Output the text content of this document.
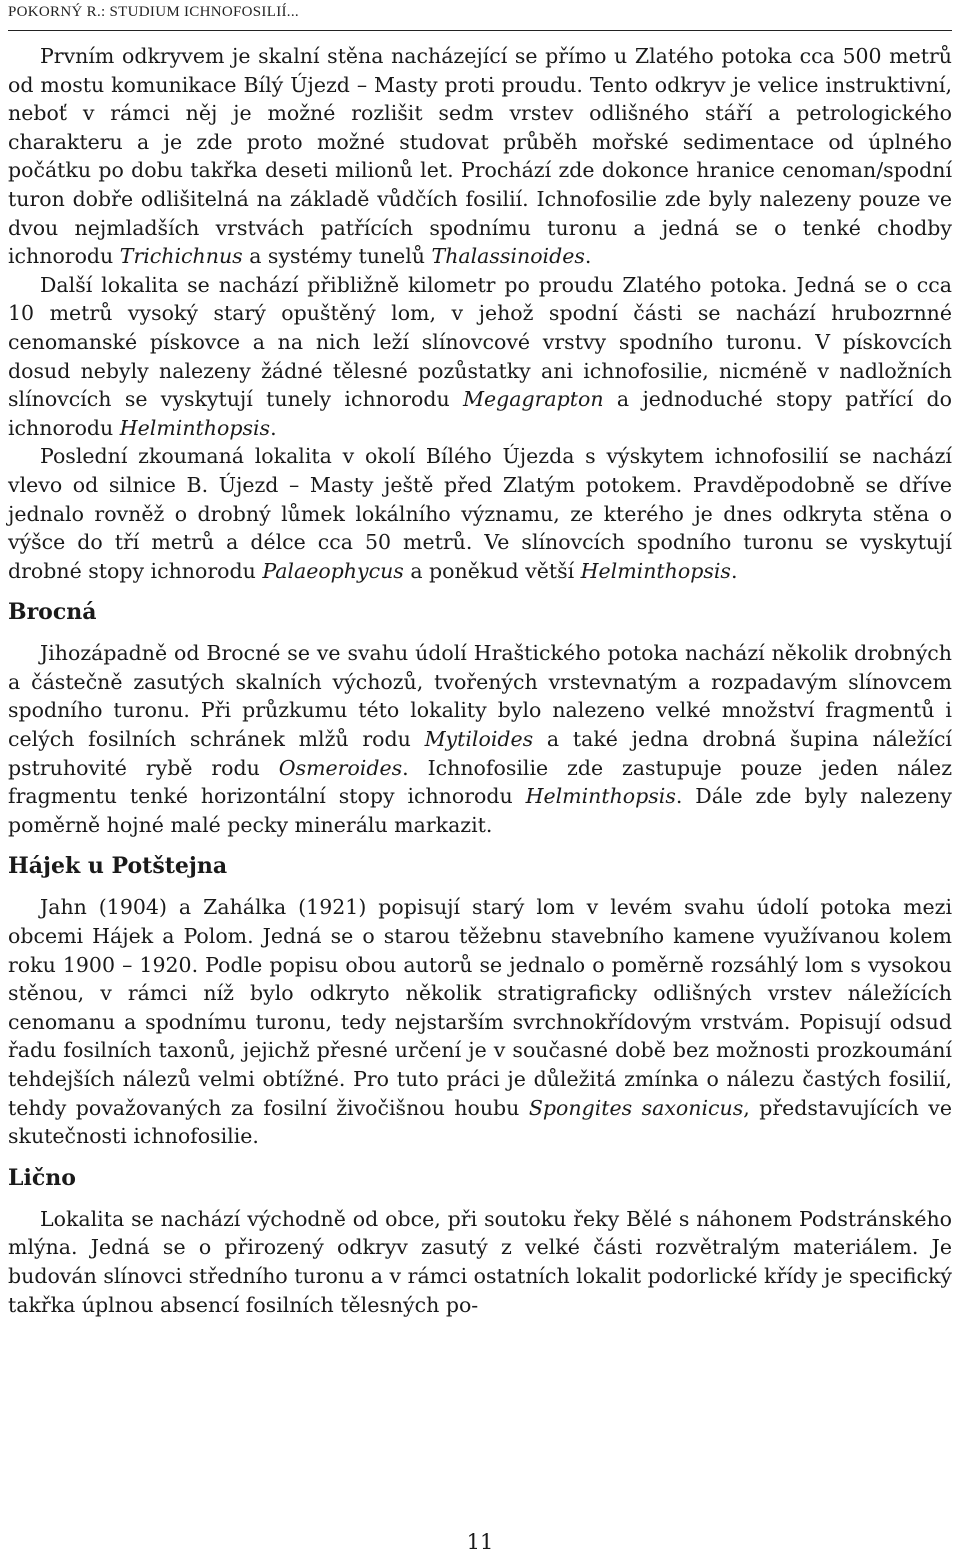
POKORNÝ R.: STUDIUM ICHNOFOSILIÍ...

Prvním odkryvem je skalní stěna nacházející se přímo u Zlatého potoka cca 500 metrů od mostu komunikace Bílý Újezd – Masty proti proudu. Tento odkryv je velice instruktivní, neboť v rámci něj je možné rozlišit sedm vrstev odlišného stáří a petrologického charakteru a je zde proto možné studovat průběh mořské sedimentace od úplného počátku po dobu takřka deseti milionů let. Prochází zde dokonce hranice cenoman/spodní turon dobře odlišitelná na základě vůdčích fosilií. Ichnofosilie zde byly nalezeny pouze ve dvou nejmladších vrstvách patřících spodnímu turonu a jedná se o tenké chodby ichnorodu Trichichnus a systémy tunelů Thalassinoides.

Další lokalita se nachází přibližně kilometr po proudu Zlatého potoka. Jedná se o cca 10 metrů vysoký starý opuštěný lom, v jehož spodní části se nachází hrubozrnné cenomanské pískovce a na nich leží slínovcové vrstvy spodního turonu. V pískovcích dosud nebyly nalezeny žádné tělesné pozůstatky ani ichnofosilie, nicméně v nadložních slínovcích se vyskytují tunely ichnorodu Megagrapton a jednoduché stopy patřící do ichnorodu Helminthopsis.

Poslední zkoumaná lokalita v okolí Bílého Újezda s výskytem ichnofosilií se nachází vlevo od silnice B. Újezd – Masty ještě před Zlatým potokem. Pravděpodobně se dříve jednalo rovněž o drobný lůmek lokálního významu, ze kterého je dnes odkryta stěna o výšce do tří metrů a délce cca 50 metrů. Ve slínovcích spodního turonu se vyskytují drobné stopy ichnorodu Palaeophycus a poněkud větší Helminthopsis.

Brocná

Jihozápadně od Brocné se ve svahu údolí Hraštického potoka nachází několik drobných a částečně zasutých skalních výchozů, tvořených vrstevnatým a rozpadavým slínovcem spodního turonu. Při průzkumu této lokality bylo nalezeno velké množství fragmentů i celých fosilních schránek mlžů rodu Mytiloides a také jedna drobná šupina náležící pstruhovité rybě rodu Osmeroides. Ichnofosilie zde zastupuje pouze jeden nález fragmentu tenké horizontální stopy ichnorodu Helminthopsis. Dále zde byly nalezeny poměrně hojné malé pecky minerálu markazit.

Hájek u Potštejna

Jahn (1904) a Zahálka (1921) popisují starý lom v levém svahu údolí potoka mezi obcemi Hájek a Polom. Jedná se o starou těžebnu stavebního kamene využívanou kolem roku 1900 – 1920. Podle popisu obou autorů se jednalo o poměrně rozsáhlý lom s vysokou stěnou, v rámci níž bylo odkryto několik stratigraficky odlišných vrstev náležících cenomanu a spodnímu turonu, tedy nejstarším svrchnokřídovým vrstvám. Popisují odsud řadu fosilních taxonů, jejichž přesné určení je v současné době bez možnosti prozkoumání tehdejších nálezů velmi obtížné. Pro tuto práci je důležitá zmínka o nálezu častých fosilií, tehdy považovaných za fosilní živočišnou houbu Spongites saxonicus, představujících ve skutečnosti ichnofosilie.

Lično

Lokalita se nachází východně od obce, při soutoku řeky Bělé s náhonem Podstránského mlýna. Jedná se o přirozený odkryv zasutý z velké části rozvětralým materiálem. Je budován slínovci středního turonu a v rámci ostatních lokalit podorlické křídy je specifický takřka úplnou absencí fosilních tělesných po-

11
